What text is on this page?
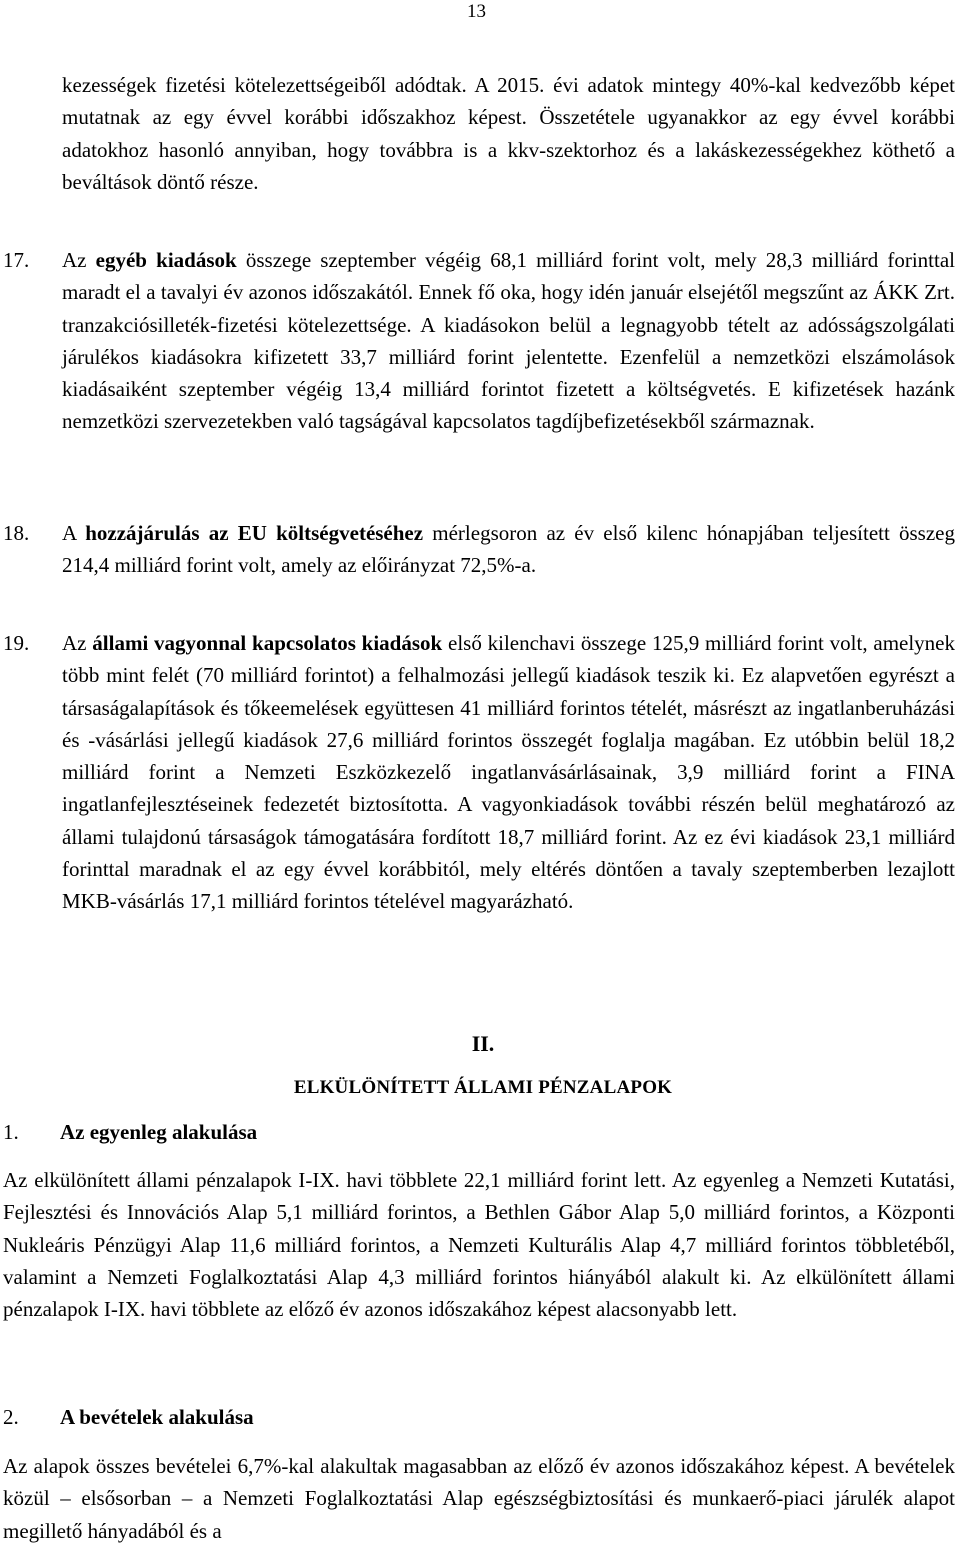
13
kezességek fizetési kötelezettségeiből adódtak. A 2015. évi adatok mintegy 40%-kal kedvezőbb képet mutatnak az egy évvel korábbi időszakhoz képest. Összetétele ugyanakkor az egy évvel korábbi adatokhoz hasonló annyiban, hogy továbbra is a kkv-szektorhoz és a lakáskezességekhez köthető a beváltások döntő része.
17. Az egyéb kiadások összege szeptember végéig 68,1 milliárd forint volt, mely 28,3 milliárd forinttal maradt el a tavalyi év azonos időszakától. Ennek fő oka, hogy idén január elsejétől megszűnt az ÁKK Zrt. tranzakciósilleték-fizetési kötelezettsége. A kiadásokon belül a legnagyobb tételt az adósságszolgálati járulékos kiadásokra kifizetett 33,7 milliárd forint jelentette. Ezenfelül a nemzetközi elszámolások kiadásaiként szeptember végéig 13,4 milliárd forintot fizetett a költségvetés. E kifizetések hazánk nemzetközi szervezetekben való tagságával kapcsolatos tagdíjbefizetésekből származnak.
18. A hozzájárulás az EU költségvetéséhez mérlegsoron az év első kilenc hónapjában teljesített összeg 214,4 milliárd forint volt, amely az előirányzat 72,5%-a.
19. Az állami vagyonnal kapcsolatos kiadások első kilenchavi összege 125,9 milliárd forint volt, amelynek több mint felét (70 milliárd forintot) a felhalmozási jellegű kiadások teszik ki. Ez alapvetően egyrészt a társaságalapítások és tőkeemelések együttesen 41 milliárd forintos tételét, másrészt az ingatlanberuházási és -vásárlási jellegű kiadások 27,6 milliárd forintos összegét foglalja magában. Ez utóbbin belül 18,2 milliárd forint a Nemzeti Eszközkezelő ingatlanvásárlásainak, 3,9 milliárd forint a FINA ingatlanfejlesztéseinek fedezetét biztosította. A vagyonkiadások további részén belül meghatározó az állami tulajdonú társaságok támogatására fordított 18,7 milliárd forint. Az ez évi kiadások 23,1 milliárd forinttal maradnak el az egy évvel korábbitól, mely eltérés döntően a tavaly szeptemberben lezajlott MKB-vásárlás 17,1 milliárd forintos tételével magyarázható.
II.
ELKÜLÖNÍTETT ÁLLAMI PÉNZALAPOK
1. Az egyenleg alakulása
Az elkülönített állami pénzalapok I-IX. havi többlete 22,1 milliárd forint lett. Az egyenleg a Nemzeti Kutatási, Fejlesztési és Innovációs Alap 5,1 milliárd forintos, a Bethlen Gábor Alap 5,0 milliárd forintos, a Központi Nukleáris Pénzügyi Alap 11,6 milliárd forintos, a Nemzeti Kulturális Alap 4,7 milliárd forintos többletéből, valamint a Nemzeti Foglalkoztatási Alap 4,3 milliárd forintos hiányából alakult ki. Az elkülönített állami pénzalapok I-IX. havi többlete az előző év azonos időszakához képest alacsonyabb lett.
2. A bevételek alakulása
Az alapok összes bevételei 6,7%-kal alakultak magasabban az előző év azonos időszakához képest. A bevételek közül – elsősorban – a Nemzeti Foglalkoztatási Alap egészségbiztosítási és munkaerő-piaci járulék alapot megillető hányadából és a
